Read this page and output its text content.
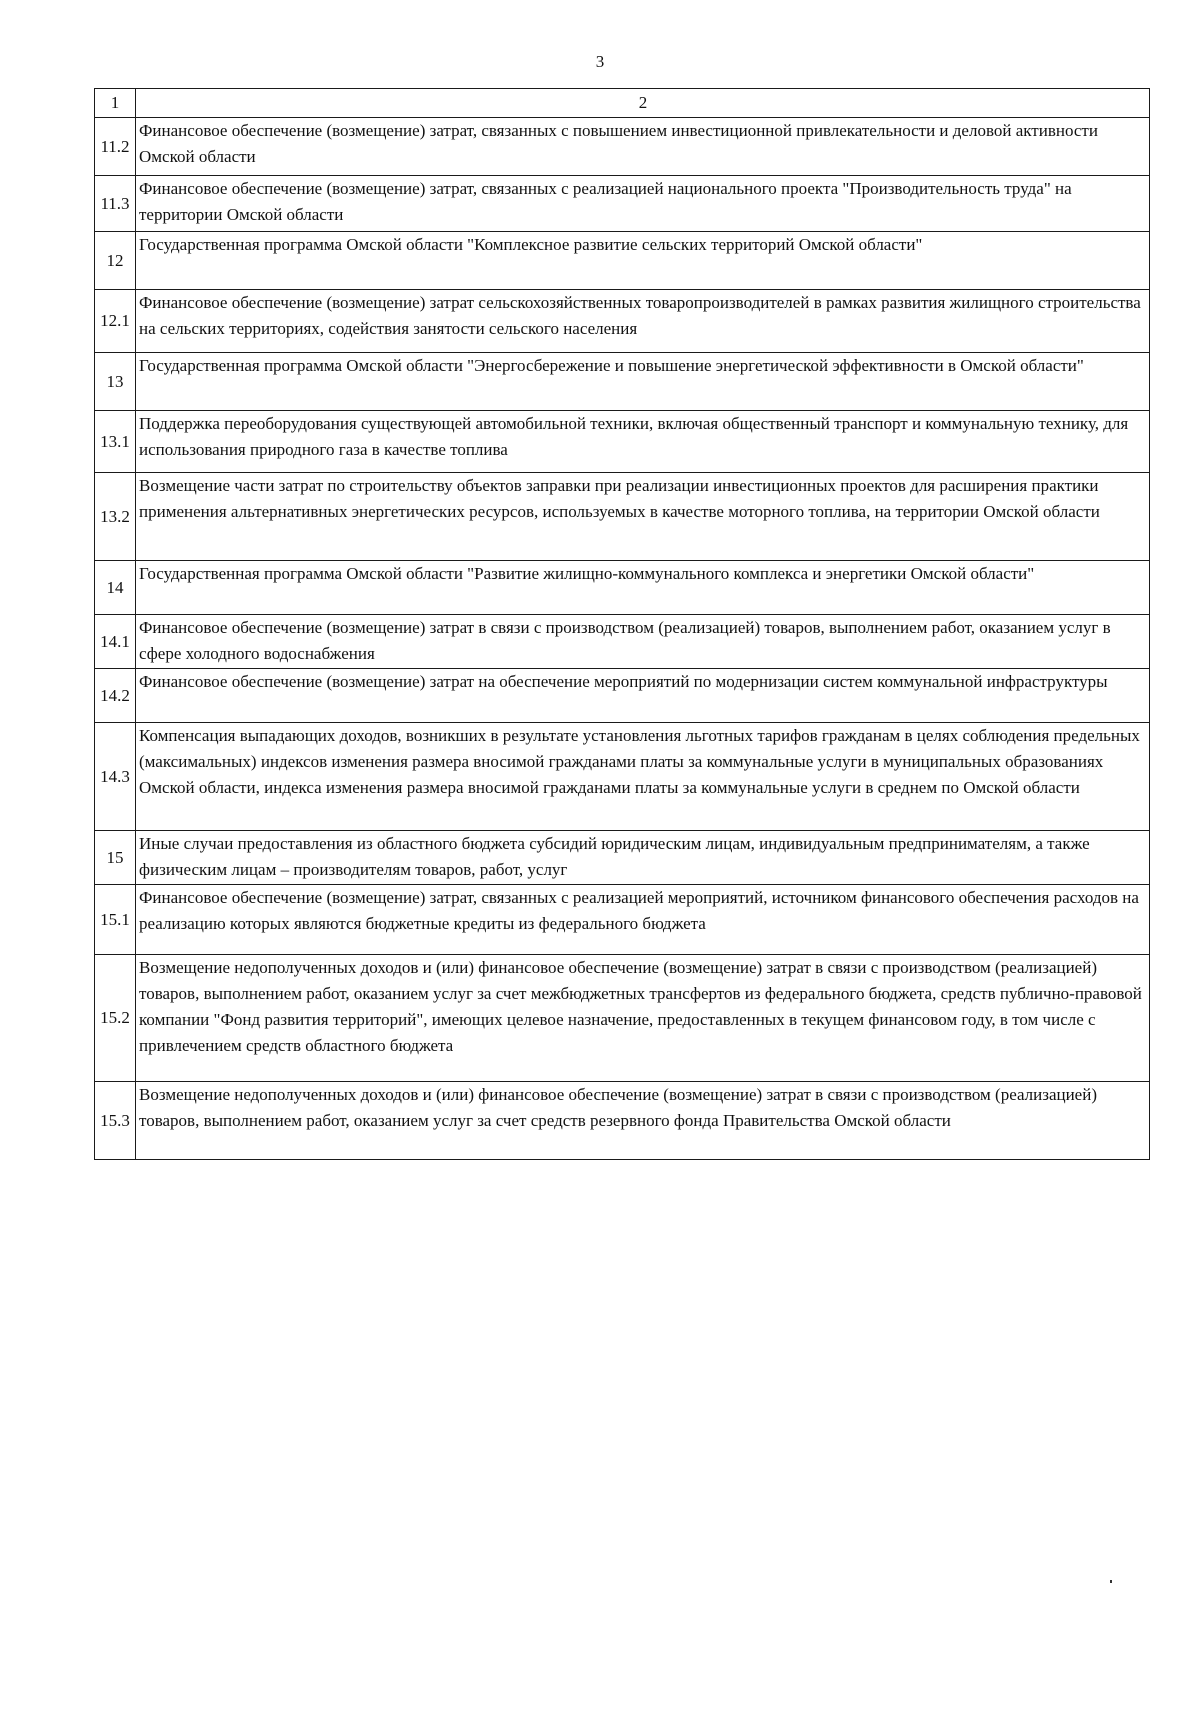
3
1	2
11.2	Финансовое обеспечение (возмещение) затрат, связанных с повышением инвестиционной привлекательности и деловой активности Омской области
11.3	Финансовое обеспечение (возмещение) затрат, связанных с реализацией национального проекта "Производительность труда" на территории Омской области
12	Государственная программа Омской области "Комплексное развитие сельских территорий Омской области"
12.1	Финансовое обеспечение (возмещение) затрат сельскохозяйственных товаропроизводителей в рамках развития жилищного строительства на сельских территориях, содействия занятости сельского населения
13	Государственная программа Омской области "Энергосбережение и повышение энергетической эффективности в Омской области"
13.1	Поддержка переоборудования существующей автомобильной техники, включая общественный транспорт и коммунальную технику, для использования природного газа в качестве топлива
13.2	Возмещение части затрат по строительству объектов заправки при реализации инвестиционных проектов для расширения практики применения альтернативных энергетических ресурсов, используемых в качестве моторного топлива, на территории Омской области
14	Государственная программа Омской области "Развитие жилищно-коммунального комплекса и энергетики Омской области"
14.1	Финансовое обеспечение (возмещение) затрат в связи с производством (реализацией) товаров, выполнением работ, оказанием услуг в сфере холодного водоснабжения
14.2	Финансовое обеспечение (возмещение) затрат на обеспечение мероприятий по модернизации систем коммунальной инфраструктуры
14.3	Компенсация выпадающих доходов, возникших в результате установления льготных тарифов гражданам в целях соблюдения предельных (максимальных) индексов изменения размера вносимой гражданами платы за коммунальные услуги в муниципальных образованиях Омской области, индекса изменения размера вносимой гражданами платы за коммунальные услуги в среднем по Омской области
15	Иные случаи предоставления из областного бюджета субсидий юридическим лицам, индивидуальным предпринимателям, а также физическим лицам – производителям товаров, работ, услуг
15.1	Финансовое обеспечение (возмещение) затрат, связанных с реализацией мероприятий, источником финансового обеспечения расходов на реализацию которых являются бюджетные кредиты из федерального бюджета
15.2	Возмещение недополученных доходов и (или) финансовое обеспечение (возмещение) затрат в связи с производством (реализацией) товаров, выполнением работ, оказанием услуг за счет межбюджетных трансфертов из федерального бюджета, средств публично-правовой компании "Фонд развития территорий", имеющих целевое назначение, предоставленных в текущем финансовом году, в том числе с привлечением средств областного бюджета
15.3	Возмещение недополученных доходов и (или) финансовое обеспечение (возмещение) затрат в связи с производством (реализацией) товаров, выполнением работ, оказанием услуг за счет средств резервного фонда Правительства Омской области
